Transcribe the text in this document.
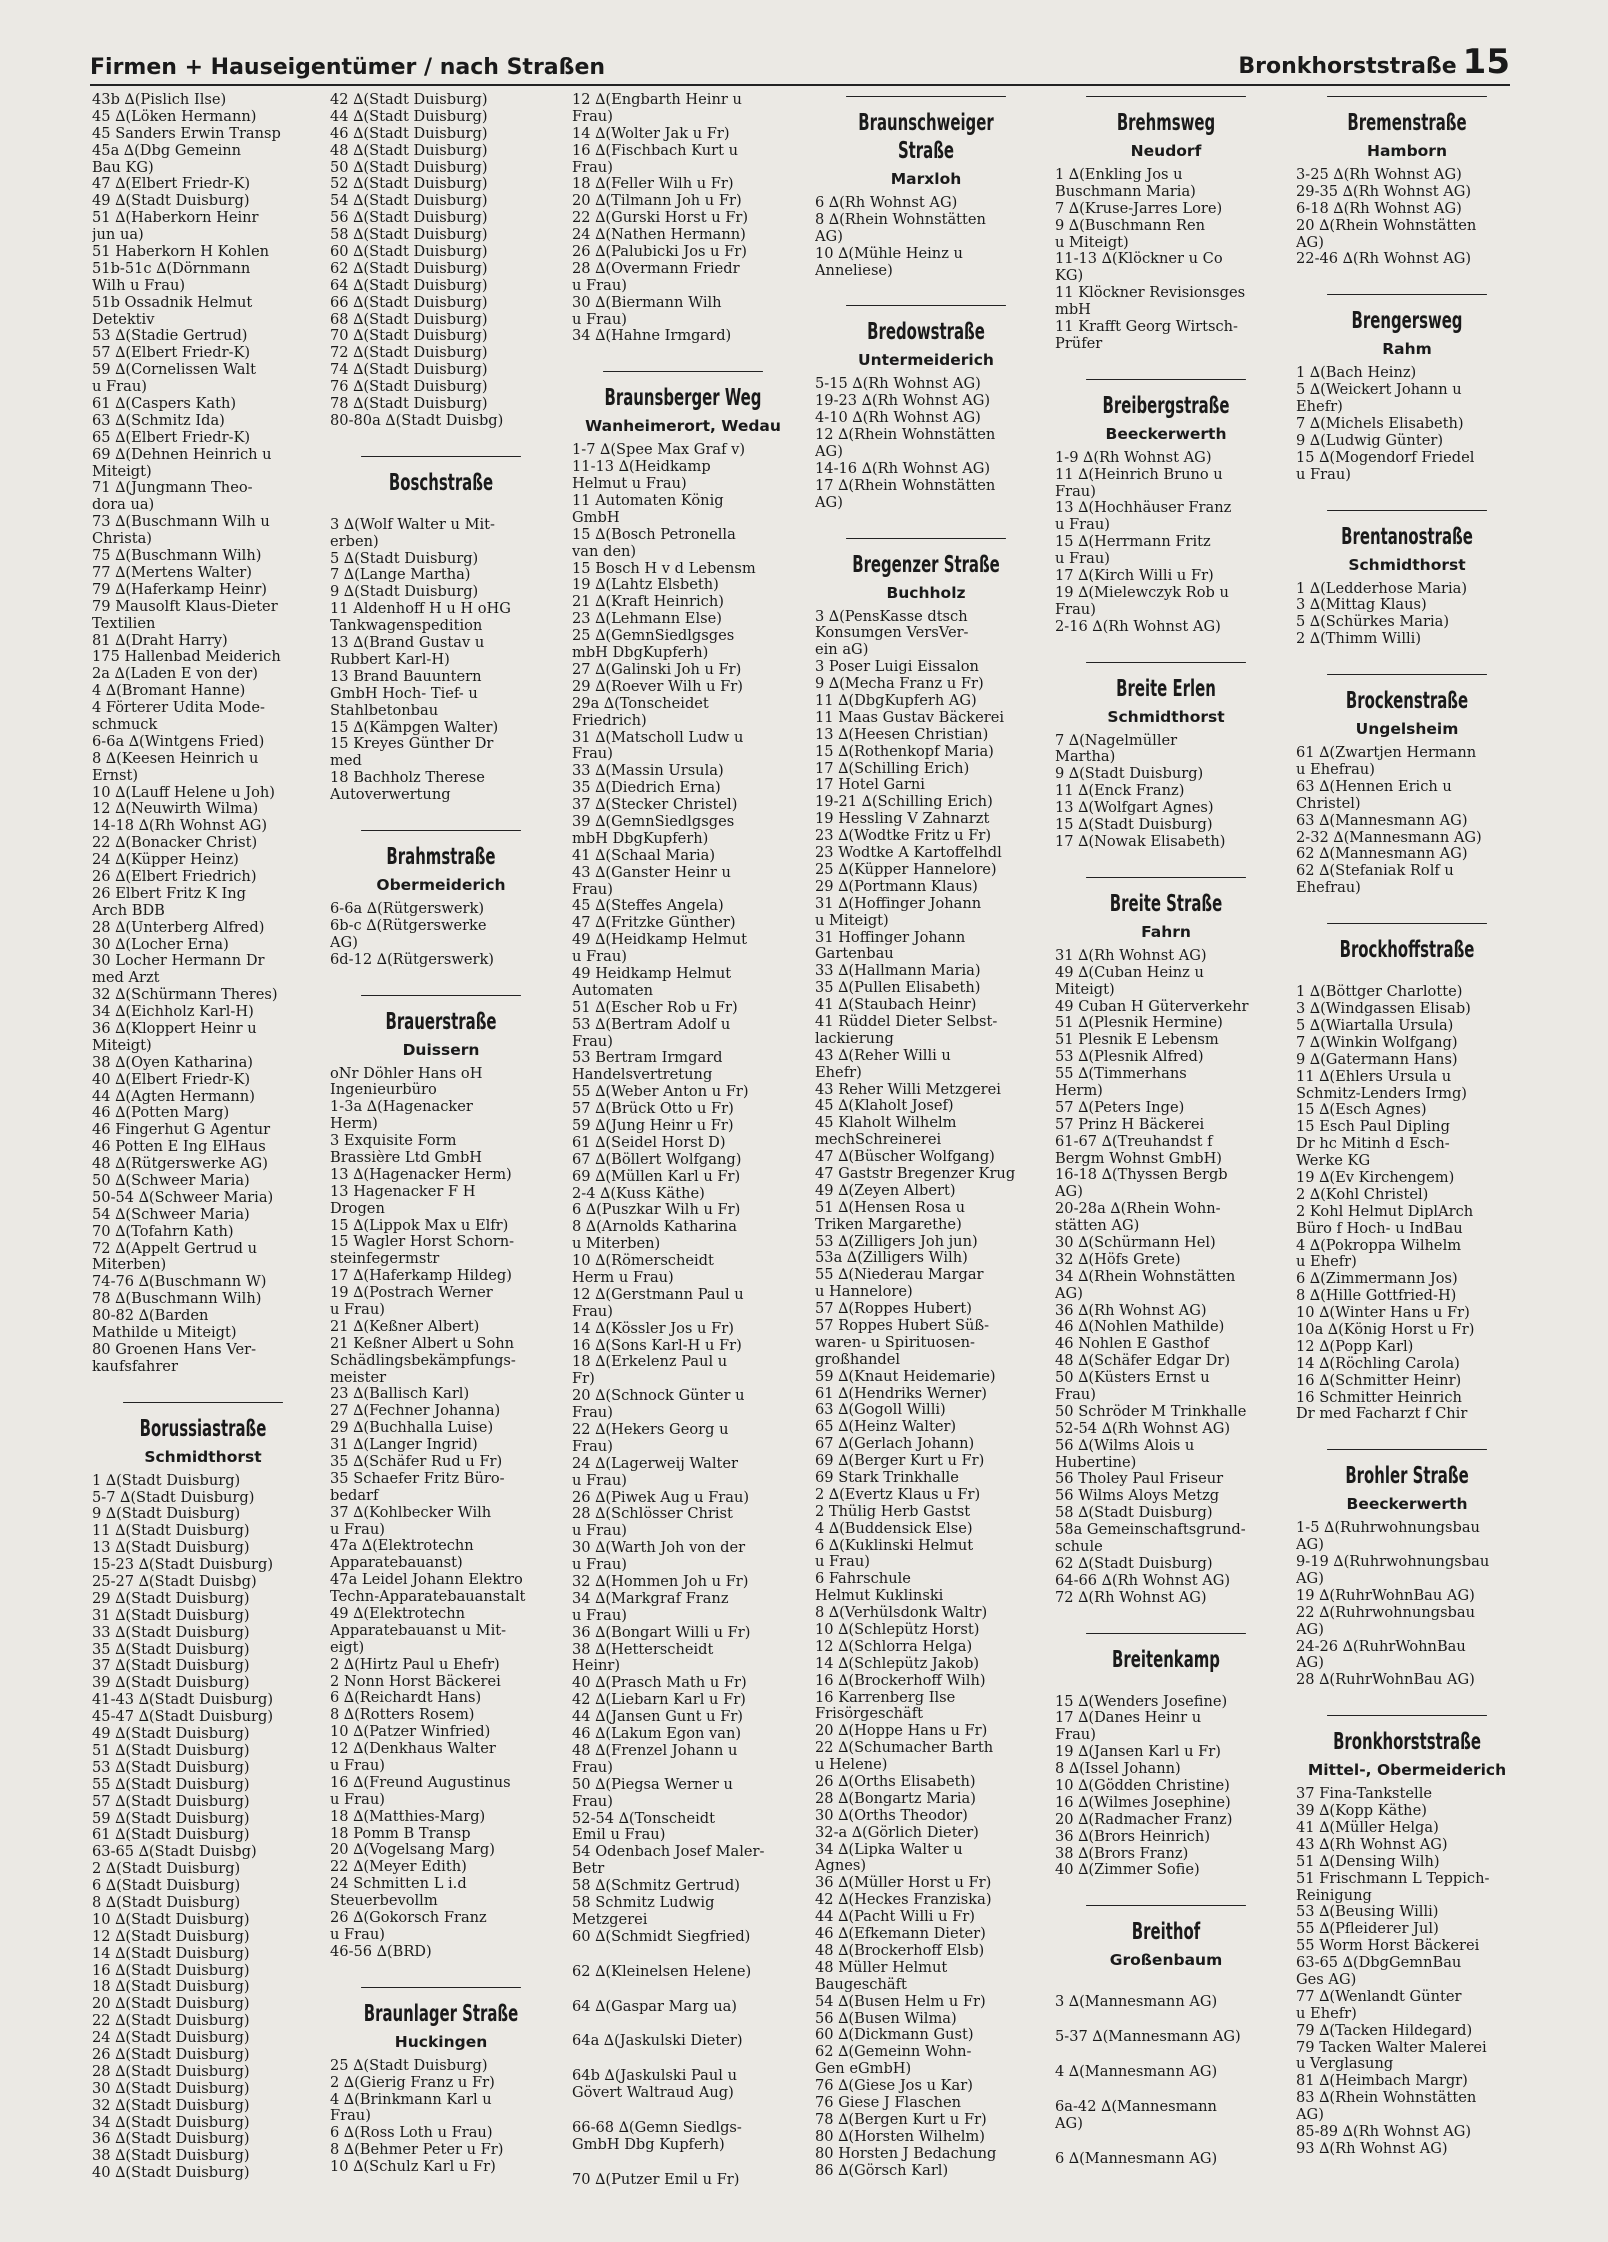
Firmen + Hauseigentümer / nach Straßen	Bronkhorststraße 15
43b ∆(Pislich Ilse)
45 ∆(Löken Hermann)
45 Sanders Erwin Transp
45a ∆(Dbg Gemeinn
Bau KG)
47 ∆(Elbert Friedr-K)
49 ∆(Stadt Duisburg)
51 ∆(Haberkorn Heinr
jun ua)
51 Haberkorn H Kohlen
51b-51c ∆(Dörnmann
Wilh u Frau)
51b Ossadnik Helmut
Detektiv
53 ∆(Stadie Gertrud)
57 ∆(Elbert Friedr-K)
59 ∆(Cornelissen Walt
u Frau)
61 ∆(Caspers Kath)
63 ∆(Schmitz Ida)
65 ∆(Elbert Friedr-K)
69 ∆(Dehnen Heinrich u
Miteigt)
71 ∆(Jungmann Theo-
dora ua)
73 ∆(Buschmann Wilh u
Christa)
75 ∆(Buschmann Wilh)
77 ∆(Mertens Walter)
79 ∆(Haferkamp Heinr)
79 Mausolft Klaus-Dieter
Textilien
81 ∆(Draht Harry)
175 Hallenbad Meiderich
2a ∆(Laden E von der)
4 ∆(Bromant Hanne)
4 Förterer Udita Mode-
schmuck
6-6a ∆(Wintgens Fried)
8 ∆(Keesen Heinrich u
Ernst)
10 ∆(Lauff Helene u Joh)
12 ∆(Neuwirth Wilma)
14-18 ∆(Rh Wohnst AG)
22 ∆(Bonacker Christ)
24 ∆(Küpper Heinz)
26 ∆(Elbert Friedrich)
26 Elbert Fritz K Ing
Arch BDB
28 ∆(Unterberg Alfred)
30 ∆(Locher Erna)
30 Locher Hermann Dr
med Arzt
32 ∆(Schürmann Theres)
34 ∆(Eichholz Karl-H)
36 ∆(Kloppert Heinr u
Miteigt)
38 ∆(Oyen Katharina)
40 ∆(Elbert Friedr-K)
44 ∆(Agten Hermann)
46 ∆(Potten Marg)
46 Fingerhut G Agentur
46 Potten E Ing ElHaus
48 ∆(Rütgerswerke AG)
50 ∆(Schweer Maria)
50-54 ∆(Schweer Maria)
54 ∆(Schweer Maria)
70 ∆(Tofahrn Kath)
72 ∆(Appelt Gertrud u
Miterben)
74-76 ∆(Buschmann W)
78 ∆(Buschmann Wilh)
80-82 ∆(Barden
Mathilde u Miteigt)
80 Groenen Hans Ver-
kaufsfahrer
Borussiastraße
Schmidthorst
1 ∆(Stadt Duisburg)
5-7 ∆(Stadt Duisburg)
9 ∆(Stadt Duisburg)
11 ∆(Stadt Duisburg)
13 ∆(Stadt Duisburg)
15-23 ∆(Stadt Duisburg)
25-27 ∆(Stadt Duisbg)
29 ∆(Stadt Duisburg)
31 ∆(Stadt Duisburg)
33 ∆(Stadt Duisburg)
35 ∆(Stadt Duisburg)
37 ∆(Stadt Duisburg)
39 ∆(Stadt Duisburg)
41-43 ∆(Stadt Duisburg)
45-47 ∆(Stadt Duisburg)
49 ∆(Stadt Duisburg)
51 ∆(Stadt Duisburg)
53 ∆(Stadt Duisburg)
55 ∆(Stadt Duisburg)
57 ∆(Stadt Duisburg)
59 ∆(Stadt Duisburg)
61 ∆(Stadt Duisburg)
63-65 ∆(Stadt Duisbg)
2 ∆(Stadt Duisburg)
6 ∆(Stadt Duisburg)
8 ∆(Stadt Duisburg)
10 ∆(Stadt Duisburg)
12 ∆(Stadt Duisburg)
14 ∆(Stadt Duisburg)
16 ∆(Stadt Duisburg)
18 ∆(Stadt Duisburg)
20 ∆(Stadt Duisburg)
22 ∆(Stadt Duisburg)
24 ∆(Stadt Duisburg)
26 ∆(Stadt Duisburg)
28 ∆(Stadt Duisburg)
30 ∆(Stadt Duisburg)
32 ∆(Stadt Duisburg)
34 ∆(Stadt Duisburg)
36 ∆(Stadt Duisburg)
38 ∆(Stadt Duisburg)
40 ∆(Stadt Duisburg)
42 ∆(Stadt Duisburg)
44 ∆(Stadt Duisburg)
46 ∆(Stadt Duisburg)
48 ∆(Stadt Duisburg)
50 ∆(Stadt Duisburg)
52 ∆(Stadt Duisburg)
54 ∆(Stadt Duisburg)
56 ∆(Stadt Duisburg)
58 ∆(Stadt Duisburg)
60 ∆(Stadt Duisburg)
62 ∆(Stadt Duisburg)
64 ∆(Stadt Duisburg)
66 ∆(Stadt Duisburg)
68 ∆(Stadt Duisburg)
70 ∆(Stadt Duisburg)
72 ∆(Stadt Duisburg)
74 ∆(Stadt Duisburg)
76 ∆(Stadt Duisburg)
78 ∆(Stadt Duisburg)
80-80a ∆(Stadt Duisbg)
Boschstraße
3 ∆(Wolf Walter u Mit-
erben)
5 ∆(Stadt Duisburg)
7 ∆(Lange Martha)
9 ∆(Stadt Duisburg)
11 Aldenhoff H u H oHG
Tankwagenspedition
13 ∆(Brand Gustav u
Rubbert Karl-H)
13 Brand Bauuntern
GmbH Hoch- Tief- u
Stahlbetonbau
15 ∆(Kämpgen Walter)
15 Kreyes Günther Dr
med
18 Bachholz Therese
Autoverwertung
Brahmstraße
Obermeiderich
6-6a ∆(Rütgerswerk)
6b-c ∆(Rütgerswerke
AG)
6d-12 ∆(Rütgerswerk)
Brauerstraße
Duissern
oNr Döhler Hans oH
Ingenieurbüro
1-3a ∆(Hagenacker
Herm)
3 Exquisite Form
Brassière Ltd GmbH
13 ∆(Hagenacker Herm)
13 Hagenacker F H
Drogen
15 ∆(Lippok Max u Elfr)
15 Wagler Horst Schorn-
steinfegermstr
17 ∆(Haferkamp Hildeg)
19 ∆(Postrach Werner
u Frau)
21 ∆(Keßner Albert)
21 Keßner Albert u Sohn
Schädlingsbekämpfungs-
meister
23 ∆(Ballisch Karl)
27 ∆(Fechner Johanna)
29 ∆(Buchhalla Luise)
31 ∆(Langer Ingrid)
35 ∆(Schäfer Rud u Fr)
35 Schaefer Fritz Büro-
bedarf
37 ∆(Kohlbecker Wilh
u Frau)
47a ∆(Elektrotechn
Apparatebauanst)
47a Leidel Johann Elektro
Techn-Apparatebauanstalt
49 ∆(Elektrotechn
Apparatebauanst u Mit-
eigt)
2 ∆(Hirtz Paul u Ehefr)
2 Nonn Horst Bäckerei
6 ∆(Reichardt Hans)
8 ∆(Rotters Rosem)
10 ∆(Patzer Winfried)
12 ∆(Denkhaus Walter
u Frau)
16 ∆(Freund Augustinus
u Frau)
18 ∆(Matthies-Marg)
18 Pomm B Transp
20 ∆(Vogelsang Marg)
22 ∆(Meyer Edith)
24 Schmitten L i.d
Steuerbevollm
26 ∆(Gokorsch Franz
u Frau)
46-56 ∆(BRD)
Braunlager Straße
Huckingen
25 ∆(Stadt Duisburg)
2 ∆(Gierig Franz u Fr)
4 ∆(Brinkmann Karl u
Frau)
6 ∆(Ross Loth u Frau)
8 ∆(Behmer Peter u Fr)
10 ∆(Schulz Karl u Fr)
12 ∆(Engbarth Heinr u
Frau)
14 ∆(Wolter Jak u Fr)
16 ∆(Fischbach Kurt u
Frau)
18 ∆(Feller Wilh u Fr)
20 ∆(Tilmann Joh u Fr)
22 ∆(Gurski Horst u Fr)
24 ∆(Nathen Hermann)
26 ∆(Palubicki Jos u Fr)
28 ∆(Overmann Friedr
u Frau)
30 ∆(Biermann Wilh
u Frau)
34 ∆(Hahne Irmgard)
Braunsberger Weg
Wanheimerort, Wedau
1-7 ∆(Spee Max Graf v)
11-13 ∆(Heidkamp
Helmut u Frau)
11 Automaten König
GmbH
15 ∆(Bosch Petronella
van den)
15 Bosch H v d Lebensm
19 ∆(Lahtz Elsbeth)
21 ∆(Kraft Heinrich)
23 ∆(Lehmann Else)
25 ∆(GemnSiedlgsges
mbH DbgKupferh)
27 ∆(Galinski Joh u Fr)
29 ∆(Roever Wilh u Fr)
29a ∆(Tonscheidet
Friedrich)
31 ∆(Matscholl Ludw u
Frau)
33 ∆(Massin Ursula)
35 ∆(Diedrich Erna)
37 ∆(Stecker Christel)
39 ∆(GemnSiedlgsges
mbH DbgKupferh)
41 ∆(Schaal Maria)
43 ∆(Ganster Heinr u
Frau)
45 ∆(Steffes Angela)
47 ∆(Fritzke Günther)
49 ∆(Heidkamp Helmut
u Frau)
49 Heidkamp Helmut
Automaten
51 ∆(Escher Rob u Fr)
53 ∆(Bertram Adolf u
Frau)
53 Bertram Irmgard
Handelsvertretung
55 ∆(Weber Anton u Fr)
57 ∆(Brück Otto u Fr)
59 ∆(Jung Heinr u Fr)
61 ∆(Seidel Horst D)
67 ∆(Böllert Wolfgang)
69 ∆(Müllen Karl u Fr)
2-4 ∆(Kuss Käthe)
6 ∆(Puszkar Wilh u Fr)
8 ∆(Arnolds Katharina
u Miterben)
10 ∆(Römerscheidt
Herm u Frau)
12 ∆(Gerstmann Paul u
Frau)
14 ∆(Kössler Jos u Fr)
16 ∆(Sons Karl-H u Fr)
18 ∆(Erkelenz Paul u
Fr)
20 ∆(Schnock Günter u
Frau)
22 ∆(Hekers Georg u
Frau)
24 ∆(Lagerweij Walter
u Frau)
26 ∆(Piwek Aug u Frau)
28 ∆(Schlösser Christ
u Frau)
30 ∆(Warth Joh von der
u Frau)
32 ∆(Hommen Joh u Fr)
34 ∆(Markgraf Franz
u Frau)
36 ∆(Bongart Willi u Fr)
38 ∆(Hetterscheidt
Heinr)
40 ∆(Prasch Math u Fr)
42 ∆(Liebarn Karl u Fr)
44 ∆(Jansen Gunt u Fr)
46 ∆(Lakum Egon van)
48 ∆(Frenzel Johann u
Frau)
50 ∆(Piegsa Werner u
Frau)
52-54 ∆(Tonscheidt
Emil u Frau)
54 Odenbach Josef Maler-
Betr
58 ∆(Schmitz Gertrud)
58 Schmitz Ludwig
Metzgerei
60 ∆(Schmidt Siegfried)
62 ∆(Kleinelsen Helene)
64 ∆(Gaspar Marg ua)
64a ∆(Jaskulski Dieter)
64b ∆(Jaskulski Paul u
Gövert Waltraud Aug)
66-68 ∆(Gemn Siedlgs-
GmbH Dbg Kupferh)
70 ∆(Putzer Emil u Fr)
Braunschweiger Straße
Marxloh
6 ∆(Rh Wohnst AG)
8 ∆(Rhein Wohnstätten
AG)
10 ∆(Mühle Heinz u
Anneliese)
Bredowstraße
Untermeiderich
5-15 ∆(Rh Wohnst AG)
19-23 ∆(Rh Wohnst AG)
4-10 ∆(Rh Wohnst AG)
12 ∆(Rhein Wohnstätten
AG)
14-16 ∆(Rh Wohnst AG)
17 ∆(Rhein Wohnstätten
AG)
Bregenzer Straße
Buchholz
3 ∆(PensKasse dtsch
Konsumgen VersVer-
ein aG)
3 Poser Luigi Eissalon
9 ∆(Mecha Franz u Fr)
11 ∆(DbgKupferh AG)
11 Maas Gustav Bäckerei
13 ∆(Heesen Christian)
15 ∆(Rothenkopf Maria)
17 ∆(Schilling Erich)
17 Hotel Garni
19-21 ∆(Schilling Erich)
19 Hessling V Zahnarzt
23 ∆(Wodtke Fritz u Fr)
23 Wodtke A Kartoffelhdl
25 ∆(Küpper Hannelore)
29 ∆(Portmann Klaus)
31 ∆(Hoffinger Johann
u Miteigt)
31 Hoffinger Johann
Gartenbau
33 ∆(Hallmann Maria)
35 ∆(Pullen Elisabeth)
41 ∆(Staubach Heinr)
41 Rüddel Dieter Selbst-
lackierung
43 ∆(Reher Willi u
Ehefr)
43 Reher Willi Metzgerei
45 ∆(Klaholt Josef)
45 Klaholt Wilhelm
mechSchreinerei
47 ∆(Büscher Wolfgang)
47 Gaststr Bregenzer Krug
49 ∆(Zeyen Albert)
51 ∆(Hensen Rosa u
Triken Margarethe)
53 ∆(Zilligers Joh jun)
53a ∆(Zilligers Wilh)
55 ∆(Niederau Margar
u Hannelore)
57 ∆(Roppes Hubert)
57 Roppes Hubert Süß-
waren- u Spirituosen-
großhandel
59 ∆(Knaut Heidemarie)
61 ∆(Hendriks Werner)
63 ∆(Gogoll Willi)
65 ∆(Heinz Walter)
67 ∆(Gerlach Johann)
69 ∆(Berger Kurt u Fr)
69 Stark Trinkhalle
2 ∆(Evertz Klaus u Fr)
2 Thülig Herb Gastst
4 ∆(Buddensick Else)
6 ∆(Kuklinski Helmut
u Frau)
6 Fahrschule
Helmut Kuklinski
8 ∆(Verhülsdonk Waltr)
10 ∆(Schlepütz Horst)
12 ∆(Schlorra Helga)
14 ∆(Schlepütz Jakob)
16 ∆(Brockerhoff Wilh)
16 Karrenberg Ilse
Frisörgeschäft
20 ∆(Hoppe Hans u Fr)
22 ∆(Schumacher Barth
u Helene)
26 ∆(Orths Elisabeth)
28 ∆(Bongartz Maria)
30 ∆(Orths Theodor)
32-a ∆(Görlich Dieter)
34 ∆(Lipka Walter u
Agnes)
36 ∆(Müller Horst u Fr)
42 ∆(Heckes Franziska)
44 ∆(Pacht Willi u Fr)
46 ∆(Efkemann Dieter)
48 ∆(Brockerhoff Elsb)
48 Müller Helmut
Baugeschäft
54 ∆(Busen Helm u Fr)
56 ∆(Busen Wilma)
60 ∆(Dickmann Gust)
62 ∆(Gemeinn Wohn-
Gen eGmbH)
76 ∆(Giese Jos u Kar)
76 Giese J Flaschen
78 ∆(Bergen Kurt u Fr)
80 ∆(Horsten Wilhelm)
80 Horsten J Bedachung
86 ∆(Görsch Karl)
Brehmsweg
Neudorf
1 ∆(Enkling Jos u
Buschmann Maria)
7 ∆(Kruse-Jarres Lore)
9 ∆(Buschmann Ren
u Miteigt)
11-13 ∆(Klöckner u Co
KG)
11 Klöckner Revisionsges
mbH
11 Krafft Georg Wirtsch-
Prüfer
Breibergstraße
Beeckerwerth
1-9 ∆(Rh Wohnst AG)
11 ∆(Heinrich Bruno u
Frau)
13 ∆(Hochhäuser Franz
u Frau)
15 ∆(Herrmann Fritz
u Frau)
17 ∆(Kirch Willi u Fr)
19 ∆(Mielewczyk Rob u
Frau)
2-16 ∆(Rh Wohnst AG)
Breite Erlen
Schmidthorst
7 ∆(Nagelmüller
Martha)
9 ∆(Stadt Duisburg)
11 ∆(Enck Franz)
13 ∆(Wolfgart Agnes)
15 ∆(Stadt Duisburg)
17 ∆(Nowak Elisabeth)
Breite Straße
Fahrn
31 ∆(Rh Wohnst AG)
49 ∆(Cuban Heinz u
Miteigt)
49 Cuban H Güterverkehr
51 ∆(Plesnik Hermine)
51 Plesnik E Lebensm
53 ∆(Plesnik Alfred)
55 ∆(Timmerhans
Herm)
57 ∆(Peters Inge)
57 Prinz H Bäckerei
61-67 ∆(Treuhandst f
Bergm Wohnst GmbH)
16-18 ∆(Thyssen Bergb
AG)
20-28a ∆(Rhein Wohn-
stätten AG)
30 ∆(Schürmann Hel)
32 ∆(Höfs Grete)
34 ∆(Rhein Wohnstätten
AG)
36 ∆(Rh Wohnst AG)
46 ∆(Nohlen Mathilde)
46 Nohlen E Gasthof
48 ∆(Schäfer Edgar Dr)
50 ∆(Küsters Ernst u
Frau)
50 Schröder M Trinkhalle
52-54 ∆(Rh Wohnst AG)
56 ∆(Wilms Alois u
Hubertine)
56 Tholey Paul Friseur
56 Wilms Aloys Metzg
58 ∆(Stadt Duisburg)
58a Gemeinschaftsgrund-
schule
62 ∆(Stadt Duisburg)
64-66 ∆(Rh Wohnst AG)
72 ∆(Rh Wohnst AG)
Breitenkamp
15 ∆(Wenders Josefine)
17 ∆(Danes Heinr u
Frau)
19 ∆(Jansen Karl u Fr)
8 ∆(Issel Johann)
10 ∆(Gödden Christine)
16 ∆(Wilmes Josephine)
20 ∆(Radmacher Franz)
36 ∆(Brors Heinrich)
38 ∆(Brors Franz)
40 ∆(Zimmer Sofie)
Breithof
Großenbaum
3 ∆(Mannesmann AG)
5-37 ∆(Mannesmann AG)
4 ∆(Mannesmann AG)
6a-42 ∆(Mannesmann
AG)
6 ∆(Mannesmann AG)
Bremenstraße
Hamborn
3-25 ∆(Rh Wohnst AG)
29-35 ∆(Rh Wohnst AG)
6-18 ∆(Rh Wohnst AG)
20 ∆(Rhein Wohnstätten
AG)
22-46 ∆(Rh Wohnst AG)
Brengersweg
Rahm
1 ∆(Bach Heinz)
5 ∆(Weickert Johann u
Ehefr)
7 ∆(Michels Elisabeth)
9 ∆(Ludwig Günter)
15 ∆(Mogendorf Friedel
u Frau)
Brentanostraße
Schmidthorst
1 ∆(Ledderhose Maria)
3 ∆(Mittag Klaus)
5 ∆(Schürkes Maria)
2 ∆(Thimm Willi)
Brockenstraße
Ungelsheim
61 ∆(Zwartjen Hermann
u Ehefrau)
63 ∆(Hennen Erich u
Christel)
63 ∆(Mannesmann AG)
2-32 ∆(Mannesmann AG)
62 ∆(Mannesmann AG)
62 ∆(Stefaniak Rolf u
Ehefrau)
Brockhoffstraße
1 ∆(Böttger Charlotte)
3 ∆(Windgassen Elisab)
5 ∆(Wiartalla Ursula)
7 ∆(Winkin Wolfgang)
9 ∆(Gatermann Hans)
11 ∆(Ehlers Ursula u
Schmitz-Lenders Irmg)
15 ∆(Esch Agnes)
15 Esch Paul Dipling
Dr hc Mitinh d Esch-
Werke KG
19 ∆(Ev Kirchengem)
2 ∆(Kohl Christel)
2 Kohl Helmut DiplArch
Büro f Hoch- u IndBau
4 ∆(Pokroppa Wilhelm
u Ehefr)
6 ∆(Zimmermann Jos)
8 ∆(Hille Gottfried-H)
10 ∆(Winter Hans u Fr)
10a ∆(König Horst u Fr)
12 ∆(Popp Karl)
14 ∆(Röchling Carola)
16 ∆(Schmitter Heinr)
16 Schmitter Heinrich
Dr med Facharzt f Chir
Brohler Straße
Beeckerwerth
1-5 ∆(Ruhrwohnungsbau
AG)
9-19 ∆(Ruhrwohnungsbau
AG)
19 ∆(RuhrWohnBau AG)
22 ∆(Ruhrwohnungsbau
AG)
24-26 ∆(RuhrWohnBau
AG)
28 ∆(RuhrWohnBau AG)
Bronkhorststraße
Mittel-, Obermeiderich
37 Fina-Tankstelle
39 ∆(Kopp Käthe)
41 ∆(Müller Helga)
43 ∆(Rh Wohnst AG)
51 ∆(Densing Wilh)
51 Frischmann L Teppich-
Reinigung
53 ∆(Beusing Willi)
55 ∆(Pfleiderer Jul)
55 Worm Horst Bäckerei
63-65 ∆(DbgGemnBau
Ges AG)
77 ∆(Wenlandt Günter
u Ehefr)
79 ∆(Tacken Hildegard)
79 Tacken Walter Malerei
u Verglasung
81 ∆(Heimbach Margr)
83 ∆(Rhein Wohnstätten
AG)
85-89 ∆(Rh Wohnst AG)
93 ∆(Rh Wohnst AG)
